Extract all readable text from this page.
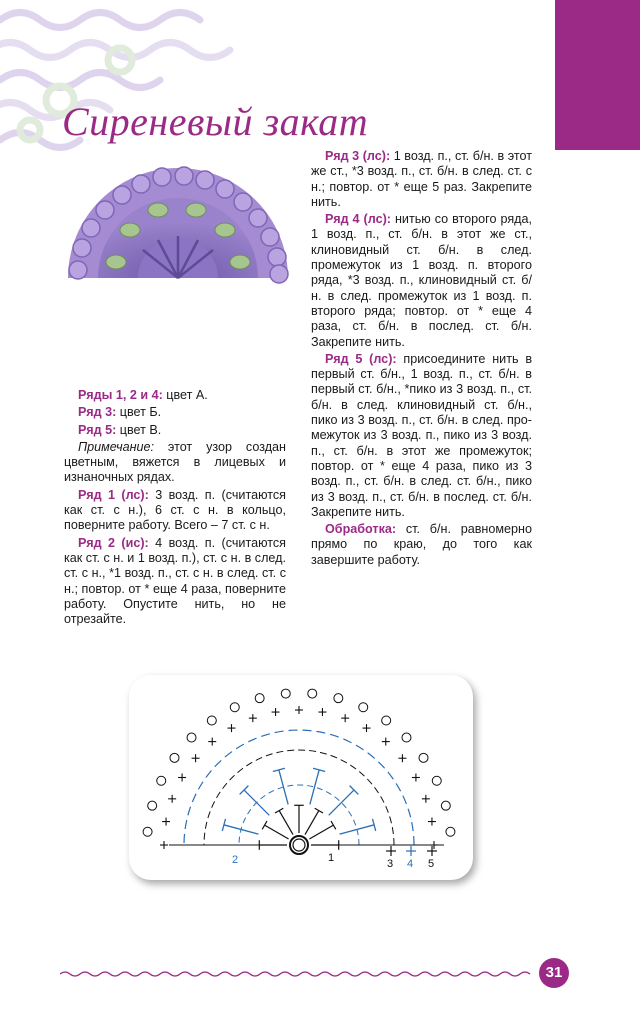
Сиреневый закат

Ряды 1, 2 и 4: цвет А.

Ряд 3: цвет Б.

Ряд 5: цвет В.

Примечание: этот узор создан цветным, вяжется в лицевых и изнаночных рядах.

Ряд 1 (лс): 3 возд. п. (считаются как ст. с н.), 6 ст. с н. в кольцо, поверните работу. Всего – 7 ст. с н.

Ряд 2 (ис): 4 возд. п. (считаются как ст. с н. и 1 возд. п.), ст. с н. в след. ст. с н., *1 возд. п., ст. с н. в след. ст. с н.; повтор. от * еще 4 раза, поверните работу. Опустите нить, но не отрезайте.

Ряд 3 (лс): 1 возд. п., ст. б/н. в этот же ст., *3 возд. п., ст. б/н. в след. ст. с н.; повтор. от * еще 5 раз. Закрепите нить.

Ряд 4 (лс): нитью со второго ряда, 1 возд. п., ст. б/н. в этот же ст., клиновидный ст. б/н. в след. промежуток из 1 возд. п. второго ряда, *3 возд. п., клиновидный ст. б/н. в след. промежуток из 1 возд. п. второго ряда; повтор. от * еще 4 раза, ст. б/н. в послед. ст. б/н. Закрепите нить.

Ряд 5 (лс): присоедините нить в первый ст. б/н., 1 возд. п., ст. б/н. в первый ст. б/н., *пико из 3 возд. п., ст. б/н. в след. клиновидный ст. б/н., пико из 3 возд. п., ст. б/н. в след. промежуток из 3 возд. п., пико из 3 возд. п., ст. б/н. в этот же промежуток; повтор. от * еще 4 раза, пико из 3 возд. п., ст. б/н. в след. ст. б/н., пико из 3 возд. п., ст. б/н. в послед. ст. б/н. Закрепите нить.

Обработка: ст. б/н. равномерно прямо по краю, до того как завершите работу.

1
2	3 4 5
31
